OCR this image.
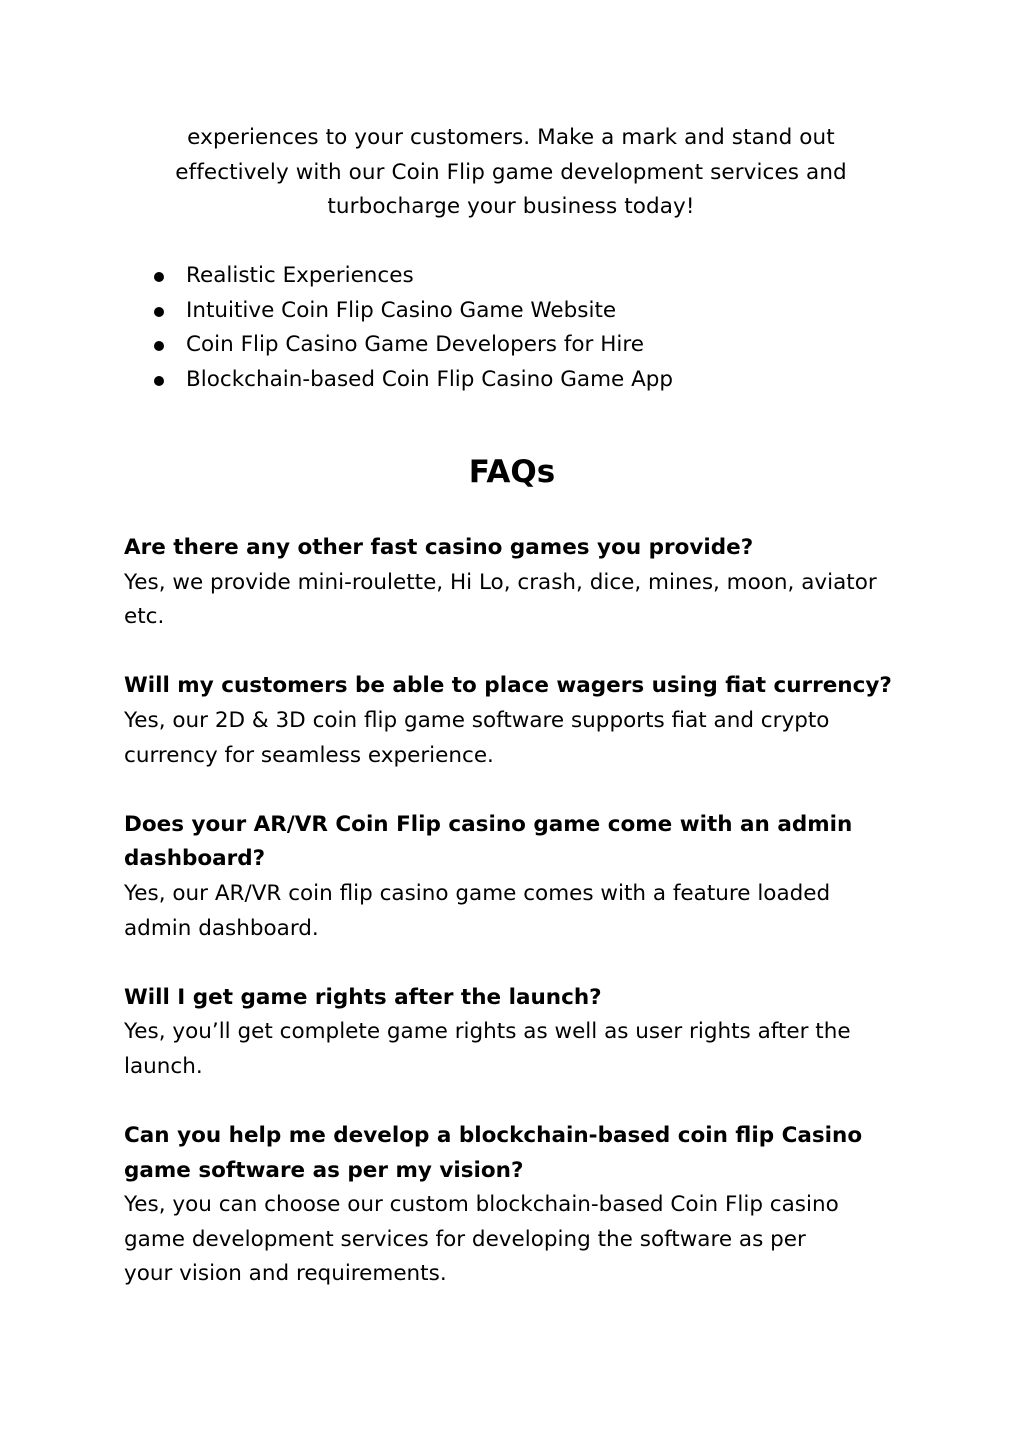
experiences to your customers. Make a mark and stand out
effectively with our Coin Flip game development services and
turbocharge your business today!

Realistic Experiences
Intuitive Coin Flip Casino Game Website
Coin Flip Casino Game Developers for Hire
Blockchain-based Coin Flip Casino Game App
FAQs

Are there any other fast casino games you provide?

Yes, we provide mini-roulette, Hi Lo, crash, dice, mines, moon, aviator
etc.

Will my customers be able to place wagers using fiat currency?

Yes, our 2D & 3D coin flip game software supports fiat and crypto
currency for seamless experience.

Does your AR/VR Coin Flip casino game come with an admin
dashboard?

Yes, our AR/VR coin flip casino game comes with a feature loaded
admin dashboard.

Will I get game rights after the launch?

Yes, you’ll get complete game rights as well as user rights after the
launch.

Can you help me develop a blockchain-based coin flip Casino
game software as per my vision?

Yes, you can choose our custom blockchain-based Coin Flip casino
game development services for developing the software as per
your vision and requirements.
